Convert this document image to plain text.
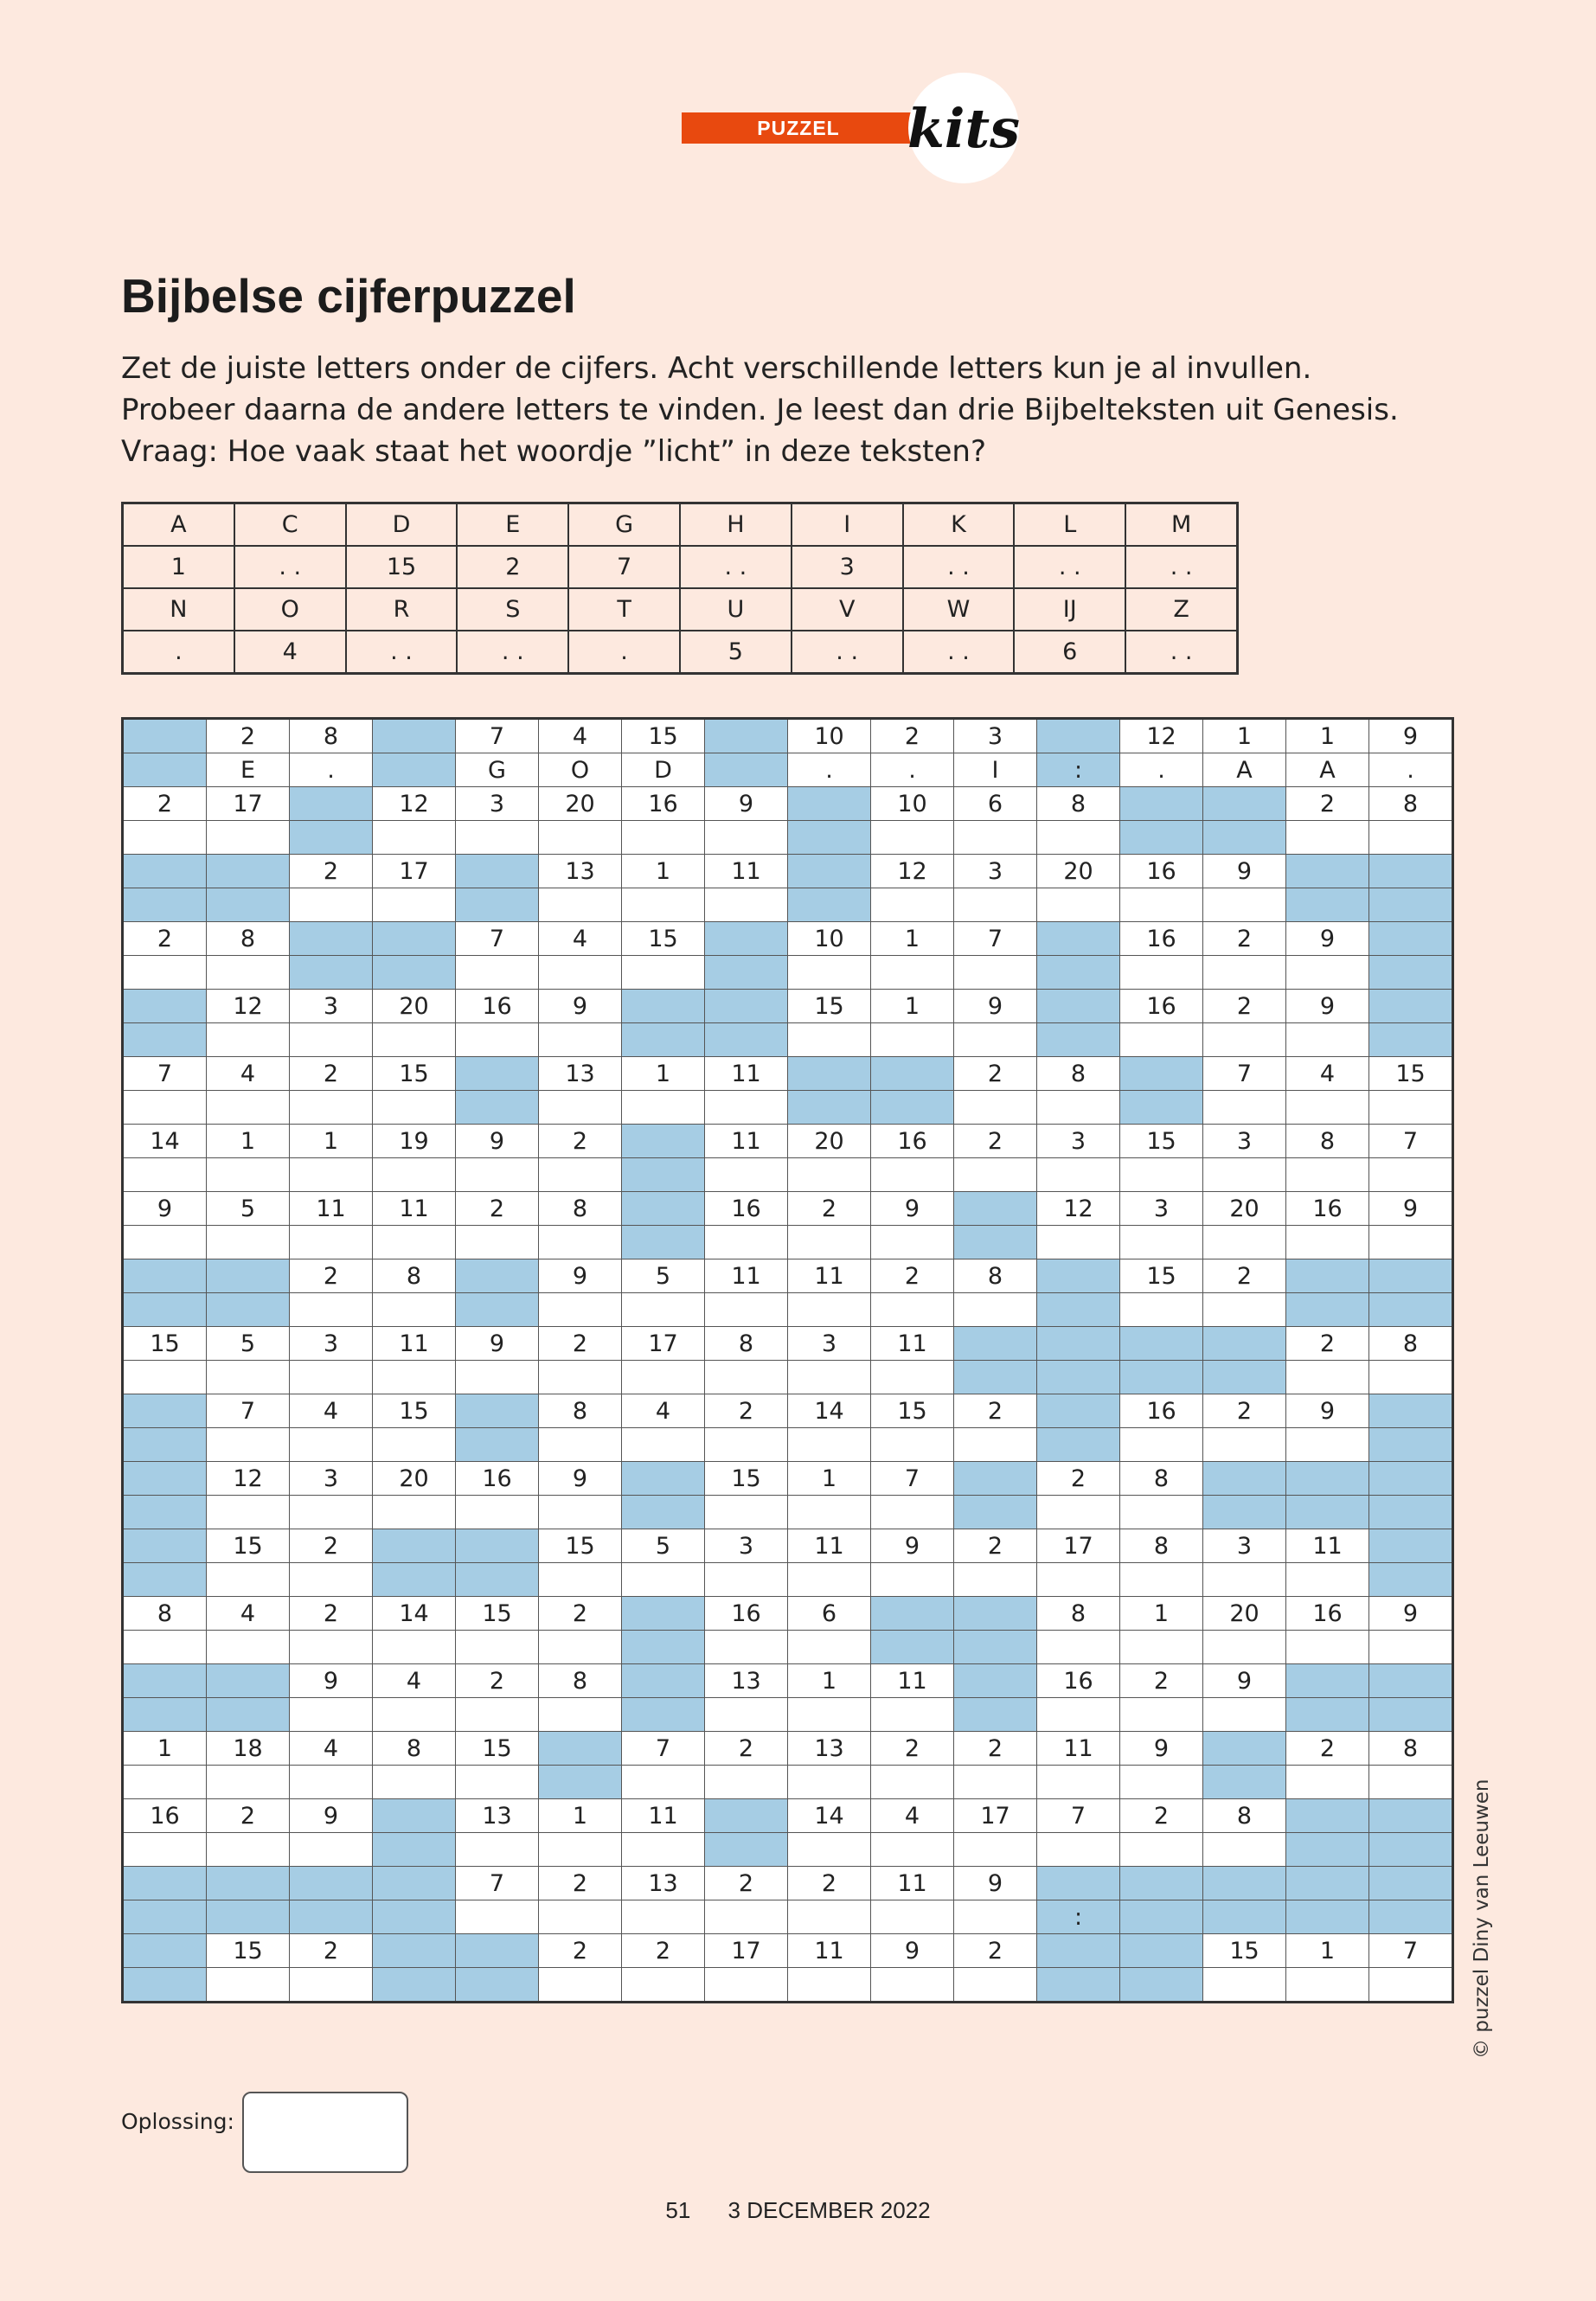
PUZZEL	kits
Bijbelse cijferpuzzel

Zet de juiste letters onder de cijfers. Acht verschillende letters kun je al invullen. Probeer daarna de andere letters te vinden. Je leest dan drie Bijbelteksten uit Genesis. Vraag: Hoe vaak staat het woordje ”licht” in deze teksten?

A	C	D	E	G	H	I	K	L	M
1	. .	15	2	7	. .	3	. .	. .	. .
N	O	R	S	T	U	V	W	IJ	Z
.	4	. .	. .	.	5	. .	. .	6	. .
	2	8		7	4	15		10	2	3		12	1	1	9
	E	.		G	O	D		.	.	I	:	.	A	A	.
2	17		12	3	20	16	9		10	6	8			2	8

		2	17		13	1	11		12	3	20	16	9		

2	8			7	4	15		10	1	7		16	2	9	

	12	3	20	16	9			15	1	9		16	2	9	

7	4	2	15		13	1	11			2	8		7	4	15

14	1	1	19	9	2		11	20	16	2	3	15	3	8	7

9	5	11	11	2	8		16	2	9		12	3	20	16	9

		2	8		9	5	11	11	2	8		15	2		

15	5	3	11	9	2	17	8	3	11					2	8

	7	4	15		8	4	2	14	15	2		16	2	9	

	12	3	20	16	9		15	1	7		2	8			

	15	2			15	5	3	11	9	2	17	8	3	11	

8	4	2	14	15	2		16	6			8	1	20	16	9

		9	4	2	8		13	1	11		16	2	9		

1	18	4	8	15		7	2	13	2	2	11	9		2	8

16	2	9		13	1	11		14	4	17	7	2	8		

				7	2	13	2	2	11	9					
											:				
	15	2			2	2	17	11	9	2			15	1	7
																© puzzel Diny van Leeuwen
Oplossing:
51 3 DECEMBER 2022
